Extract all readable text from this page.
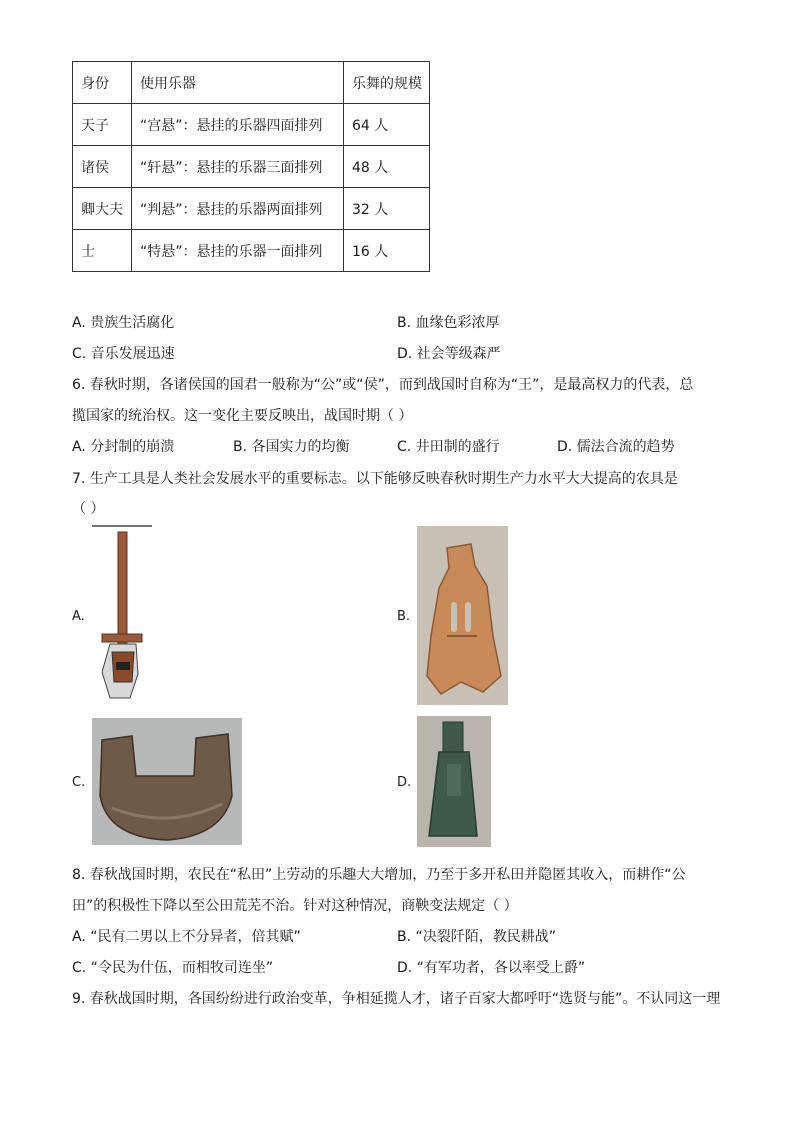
身份	使用乐器	乐舞的规模
天子	“宫悬”：悬挂的乐器四面排列	64 人
诸侯	“轩悬”：悬挂的乐器三面排列	48 人
卿大夫	“判悬”：悬挂的乐器两面排列	32 人
士	“特悬”：悬挂的乐器一面排列	16 人
A. 贵族生活腐化	B. 血缘色彩浓厚
C. 音乐发展迅速	D. 社会等级森严
6. 春秋时期，各诸侯国的国君一般称为“公”或“侯”，而到战国时自称为“王”，是最高权力的代表，总
揽国家的统治权。这一变化主要反映出，战国时期（ ）
A. 分封制的崩溃	B. 各国实力的均衡	C. 井田制的盛行	D. 儒法合流的趋势
7. 生产工具是人类社会发展水平的重要标志。以下能够反映春秋时期生产力水平大大提高的农具是
（ ）
A.	B.
C.	D.
8. 春秋战国时期，农民在“私田”上劳动的乐趣大大增加，乃至于多开私田并隐匿其收入，而耕作“公
田”的积极性下降以至公田荒芜不治。针对这种情况，商鞅变法规定（ ）
A. “民有二男以上不分异者，倍其赋”	B. “决裂阡陌，教民耕战”
C. “令民为什伍，而相牧司连坐”	D. “有军功者，各以率受上爵”
9. 春秋战国时期，各国纷纷进行政治变革，争相延揽人才，诸子百家大都呼吁“选贤与能”。不认同这一理
